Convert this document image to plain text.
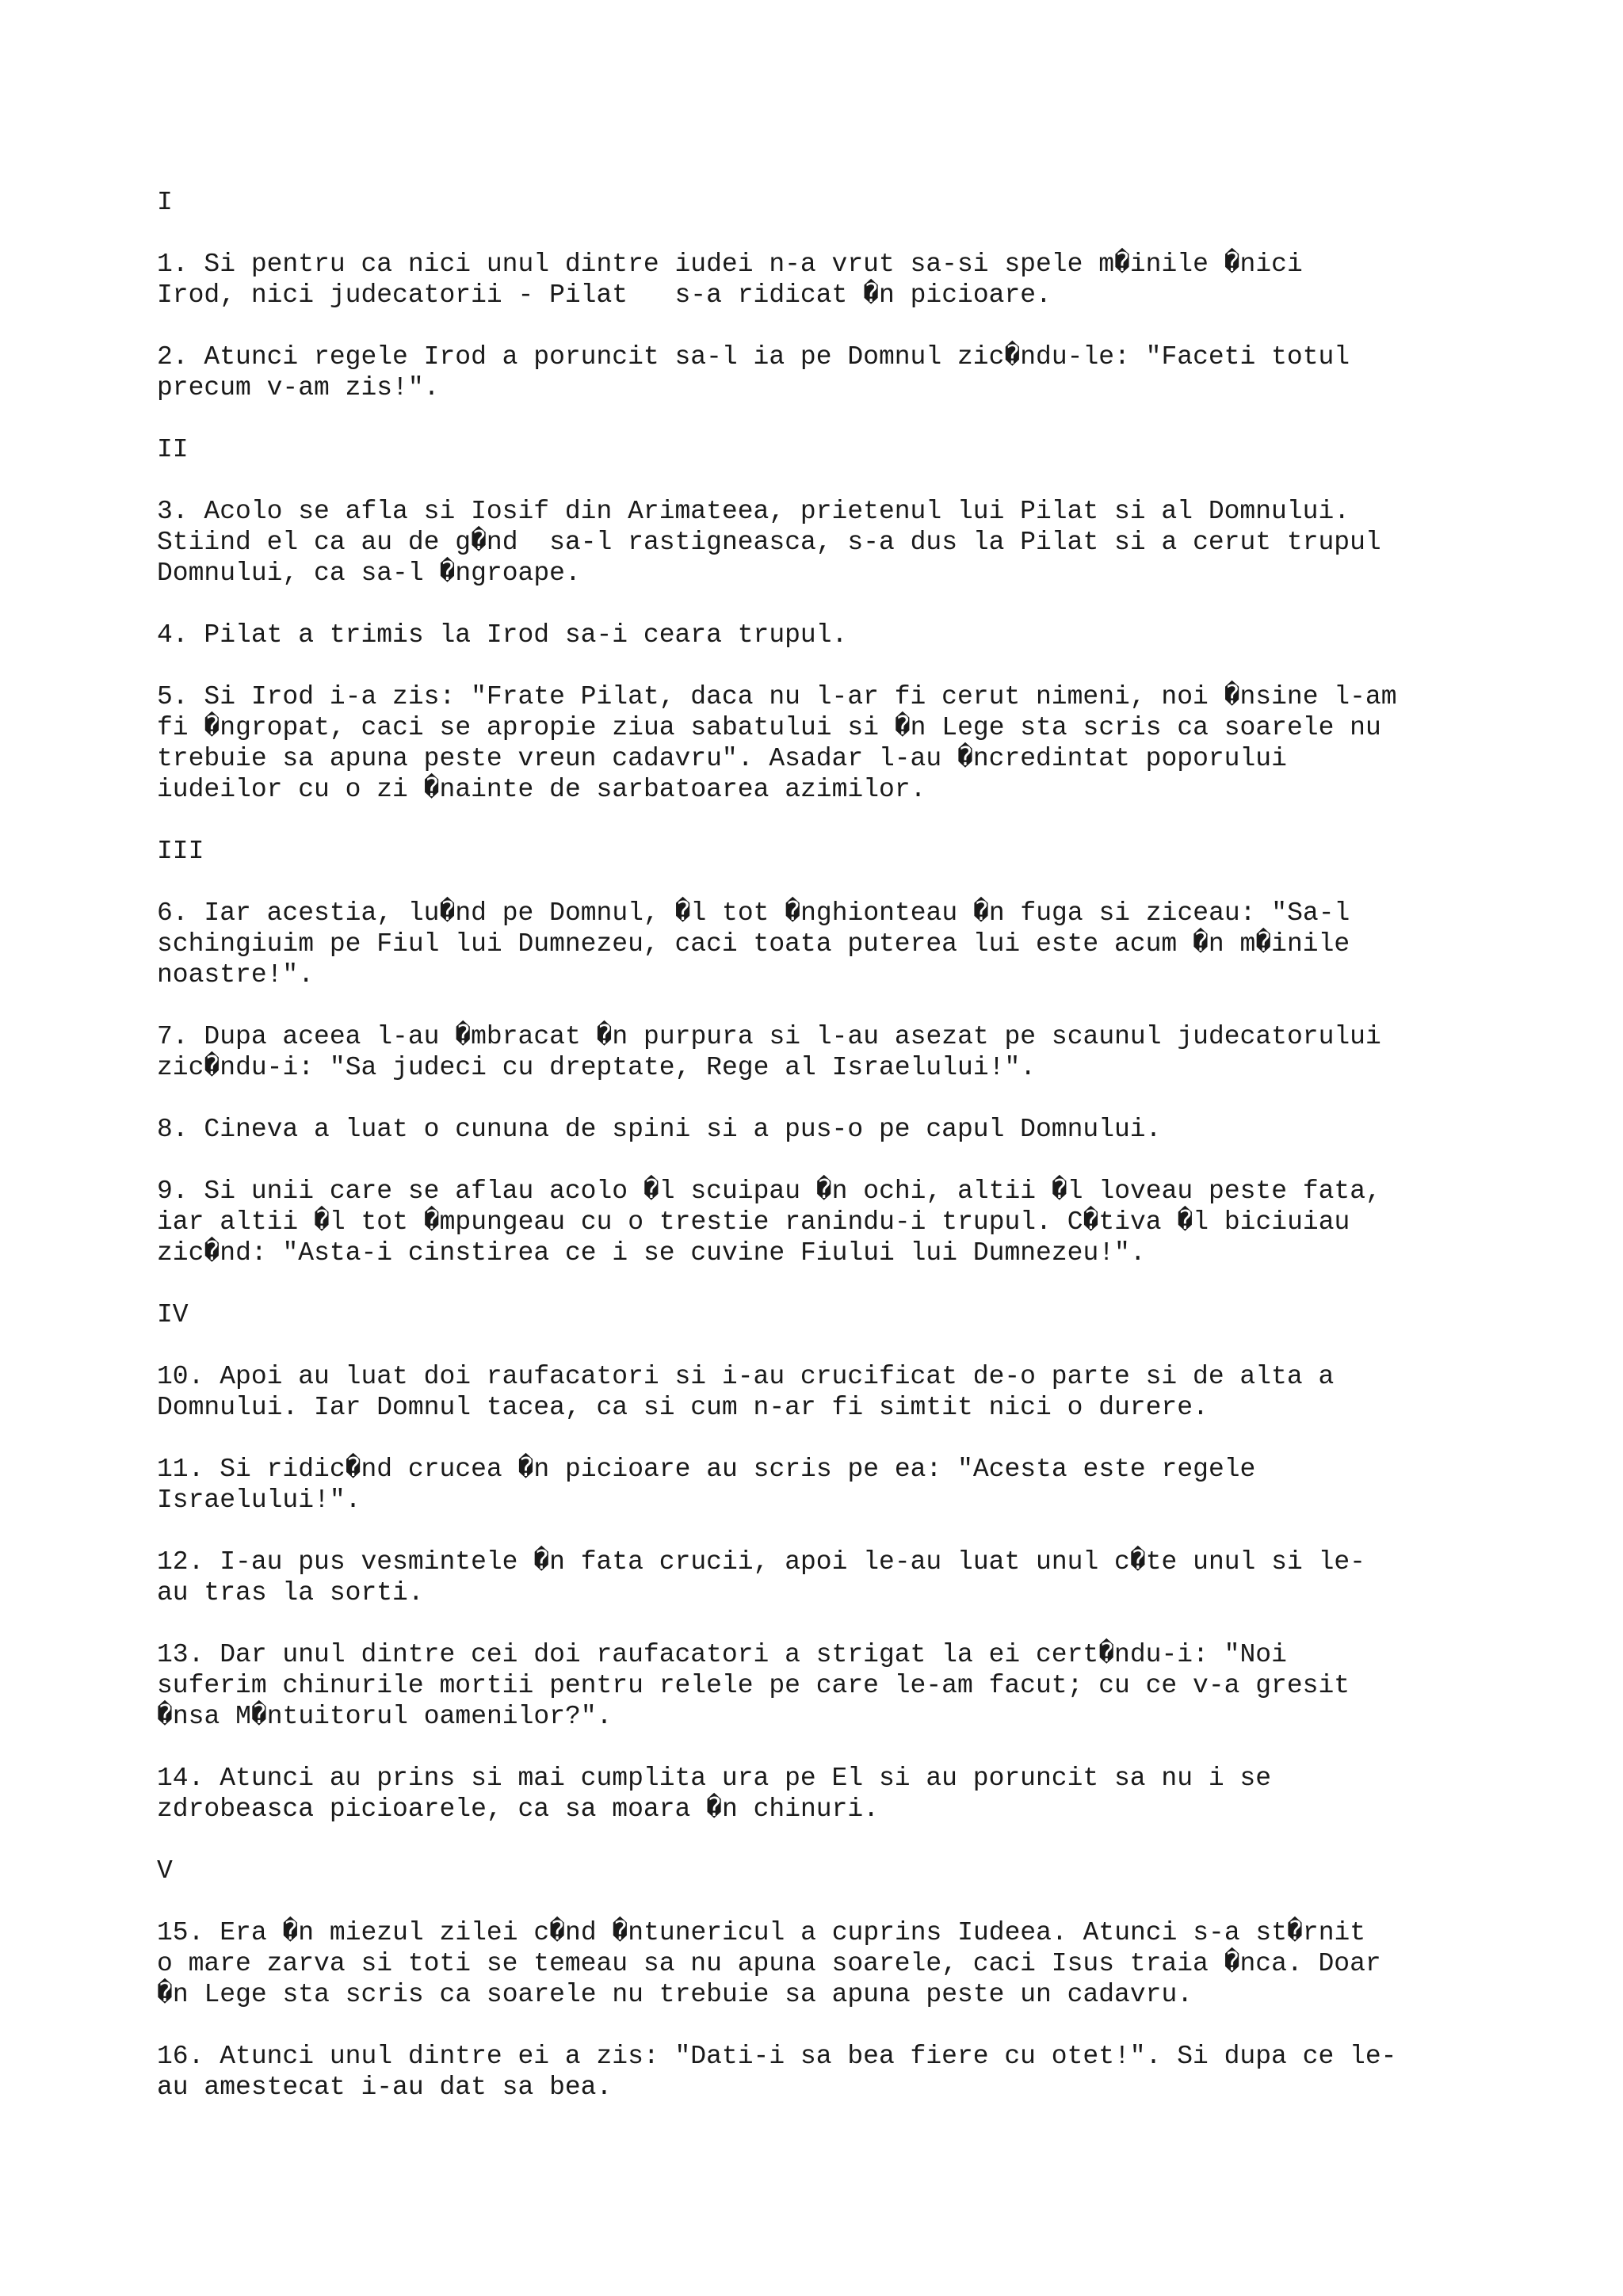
I
1. Si pentru ca nici unul dintre iudei n-a vrut sa-si spele m�inile �nici
Irod, nici judecatorii - Pilat   s-a ridicat �n picioare.
2. Atunci regele Irod a poruncit sa-l ia pe Domnul zic�ndu-le: "Faceti totul
precum v-am zis!".
II
3. Acolo se afla si Iosif din Arimateea, prietenul lui Pilat si al Domnului.
Stiind el ca au de g�nd  sa-l rastigneasca, s-a dus la Pilat si a cerut trupul
Domnului, ca sa-l �ngroape.
4. Pilat a trimis la Irod sa-i ceara trupul.
5. Si Irod i-a zis: "Frate Pilat, daca nu l-ar fi cerut nimeni, noi �nsine l-am
fi �ngropat, caci se apropie ziua sabatului si �n Lege sta scris ca soarele nu
trebuie sa apuna peste vreun cadavru". Asadar l-au �ncredintat poporului
iudeilor cu o zi �nainte de sarbatoarea azimilor.
III
6. Iar acestia, lu�nd pe Domnul, �l tot �nghionteau �n fuga si ziceau: "Sa-l
schingiuim pe Fiul lui Dumnezeu, caci toata puterea lui este acum �n m�inile
noastre!".
7. Dupa aceea l-au �mbracat �n purpura si l-au asezat pe scaunul judecatorului
zic�ndu-i: "Sa judeci cu dreptate, Rege al Israelului!".
8. Cineva a luat o cununa de spini si a pus-o pe capul Domnului.
9. Si unii care se aflau acolo �l scuipau �n ochi, altii �l loveau peste fata,
iar altii �l tot �mpungeau cu o trestie ranindu-i trupul. C�tiva �l biciuiau
zic�nd: "Asta-i cinstirea ce i se cuvine Fiului lui Dumnezeu!".
IV
10. Apoi au luat doi raufacatori si i-au crucificat de-o parte si de alta a
Domnului. Iar Domnul tacea, ca si cum n-ar fi simtit nici o durere.
11. Si ridic�nd crucea �n picioare au scris pe ea: "Acesta este regele
Israelului!".
12. I-au pus vesmintele �n fata crucii, apoi le-au luat unul c�te unul si le-
au tras la sorti.
13. Dar unul dintre cei doi raufacatori a strigat la ei cert�ndu-i: "Noi
suferim chinurile mortii pentru relele pe care le-am facut; cu ce v-a gresit
�nsa M�ntuitorul oamenilor?".
14. Atunci au prins si mai cumplita ura pe El si au poruncit sa nu i se
zdrobeasca picioarele, ca sa moara �n chinuri.
V
15. Era �n miezul zilei c�nd �ntunericul a cuprins Iudeea. Atunci s-a st�rnit
o mare zarva si toti se temeau sa nu apuna soarele, caci Isus traia �nca. Doar
�n Lege sta scris ca soarele nu trebuie sa apuna peste un cadavru.
16. Atunci unul dintre ei a zis: "Dati-i sa bea fiere cu otet!". Si dupa ce le-
au amestecat i-au dat sa bea.
